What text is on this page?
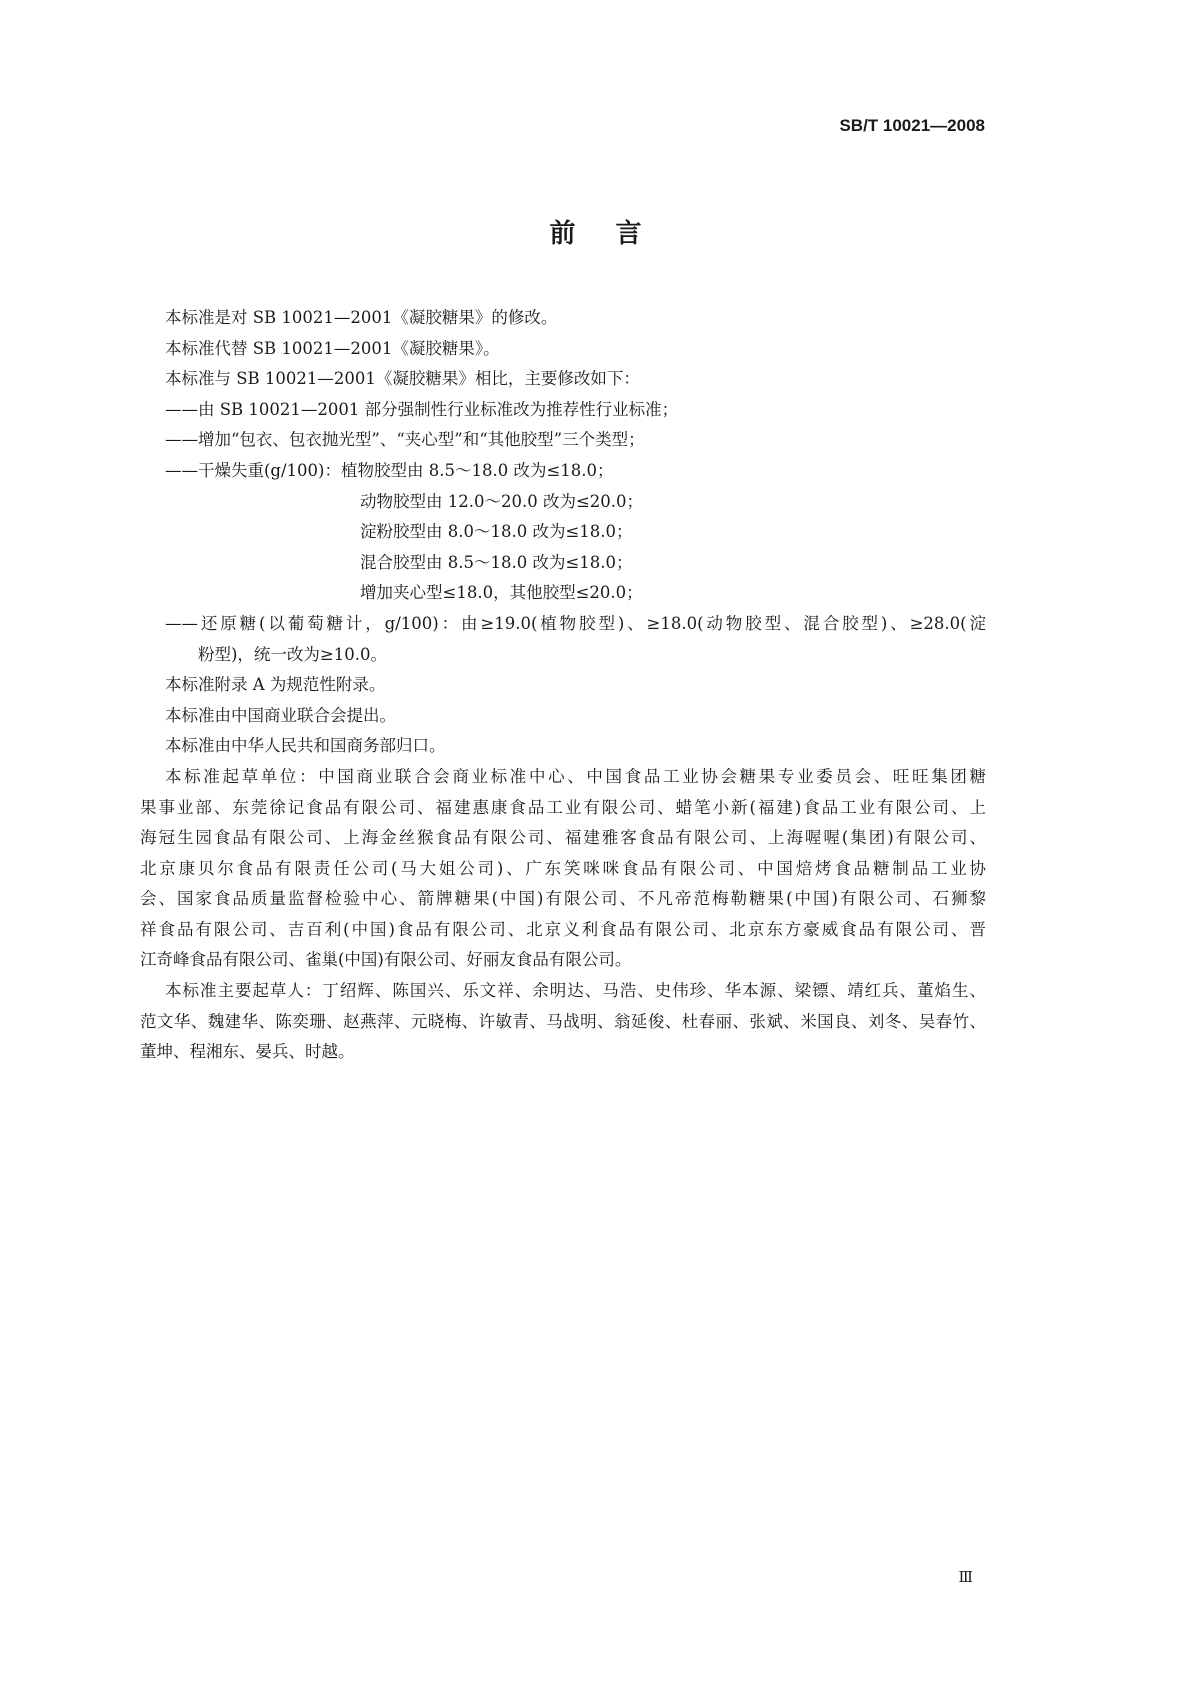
SB/T 10021—2008
前言
本标准是对 SB 10021—2001《凝胶糖果》的修改。
本标准代替 SB 10021—2001《凝胶糖果》。
本标准与 SB 10021—2001《凝胶糖果》相比，主要修改如下：
——由 SB 10021—2001 部分强制性行业标准改为推荐性行业标准；
——增加“包衣、包衣抛光型”、“夹心型”和“其他胶型”三个类型；
——干燥失重(g/100)：植物胶型由 8.5～18.0 改为≤18.0；
动物胶型由 12.0～20.0 改为≤20.0；
淀粉胶型由 8.0～18.0 改为≤18.0；
混合胶型由 8.5～18.0 改为≤18.0；
增加夹心型≤18.0，其他胶型≤20.0；
——还原糖(以葡萄糖计，g/100)：由≥19.0(植物胶型)、≥18.0(动物胶型、混合胶型)、≥28.0(淀
粉型)，统一改为≥10.0。
本标准附录 A 为规范性附录。
本标准由中国商业联合会提出。
本标准由中华人民共和国商务部归口。
本标准起草单位：中国商业联合会商业标准中心、中国食品工业协会糖果专业委员会、旺旺集团糖
果事业部、东莞徐记食品有限公司、福建惠康食品工业有限公司、蜡笔小新(福建)食品工业有限公司、上
海冠生园食品有限公司、上海金丝猴食品有限公司、福建雅客食品有限公司、上海喔喔(集团)有限公司、
北京康贝尔食品有限责任公司(马大姐公司)、广东笑咪咪食品有限公司、中国焙烤食品糖制品工业协
会、国家食品质量监督检验中心、箭牌糖果(中国)有限公司、不凡帝范梅勒糖果(中国)有限公司、石狮黎
祥食品有限公司、吉百利(中国)食品有限公司、北京义利食品有限公司、北京东方豪威食品有限公司、晋
江奇峰食品有限公司、雀巢(中国)有限公司、好丽友食品有限公司。
本标准主要起草人：丁绍辉、陈国兴、乐文祥、余明达、马浩、史伟珍、华本源、梁镖、靖红兵、董焰生、
范文华、魏建华、陈奕珊、赵燕萍、元晓梅、许敏青、马战明、翁延俊、杜春丽、张斌、米国良、刘冬、吴春竹、
董坤、程湘东、晏兵、时越。
Ⅲ
